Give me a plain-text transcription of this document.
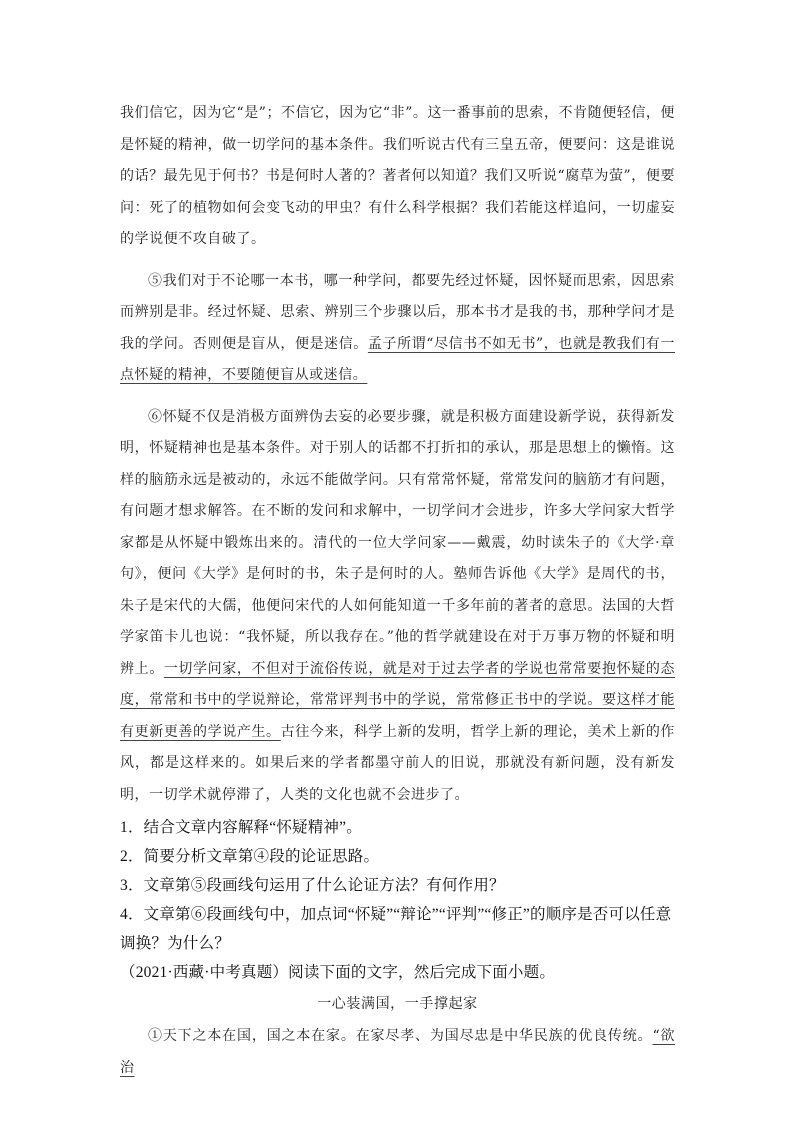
我们信它，因为它“是”；不信它，因为它“非”。这一番事前的思索，不肯随便轻信，便是怀疑的精神，做一切学问的基本条件。我们听说古代有三皇五帝，便要问：这是谁说的话？最先见于何书？书是何时人著的？著者何以知道？我们又听说“腐草为萤”，便要问：死了的植物如何会变飞动的甲虫？有什么科学根据？我们若能这样追问，一切虚妄的学说便不攻自破了。

⑤我们对于不论哪一本书，哪一种学问，都要先经过怀疑，因怀疑而思索，因思索而辨别是非。经过怀疑、思索、辨别三个步骤以后，那本书才是我的书，那种学问才是我的学问。否则便是盲从，便是迷信。孟子所谓“尽信书不如无书”，也就是教我们有一点怀疑的精神，不要随便盲从或迷信。

⑥怀疑不仅是消极方面辨伪去妄的必要步骤，就是积极方面建设新学说，获得新发明，怀疑精神也是基本条件。对于别人的话都不打折扣的承认，那是思想上的懒惰。这样的脑筋永远是被动的，永远不能做学问。只有常常怀疑，常常发问的脑筋才有问题，有问题才想求解答。在不断的发问和求解中，一切学问才会进步，许多大学问家大哲学家都是从怀疑中锻炼出来的。清代的一位大学问家——戴震，幼时读朱子的《大学·章句》，便问《大学》是何时的书，朱子是何时的人。塾师告诉他《大学》是周代的书，朱子是宋代的大儒，他便问宋代的人如何能知道一千多年前的著者的意思。法国的大哲学家笛卡儿也说：“我怀疑，所以我存在。”他的哲学就建设在对于万事万物的怀疑和明辨上。一切学问家，不但对于流俗传说，就是对于过去学者的学说也常常要抱怀疑的态度，常常和书中的学说辩论，常常评判书中的学说，常常修正书中的学说。要这样才能有更新更善的学说产生。古往今来，科学上新的发明，哲学上新的理论，美术上新的作风，都是这样来的。如果后来的学者都墨守前人的旧说，那就没有新问题，没有新发明，一切学术就停滞了，人类的文化也就不会进步了。

1．结合文章内容解释“怀疑精神”。

2．简要分析文章第④段的论证思路。

3．文章第⑤段画线句运用了什么论证方法？有何作用？

4．文章第⑥段画线句中，加点词“怀疑”“辩论”“评判”“修正”的顺序是否可以任意调换？为什么？

（2021·西藏·中考真题）阅读下面的文字，然后完成下面小题。

一心装满国，一手撑起家

①天下之本在国，国之本在家。在家尽孝、为国尽忠是中华民族的优良传统。“欲治
